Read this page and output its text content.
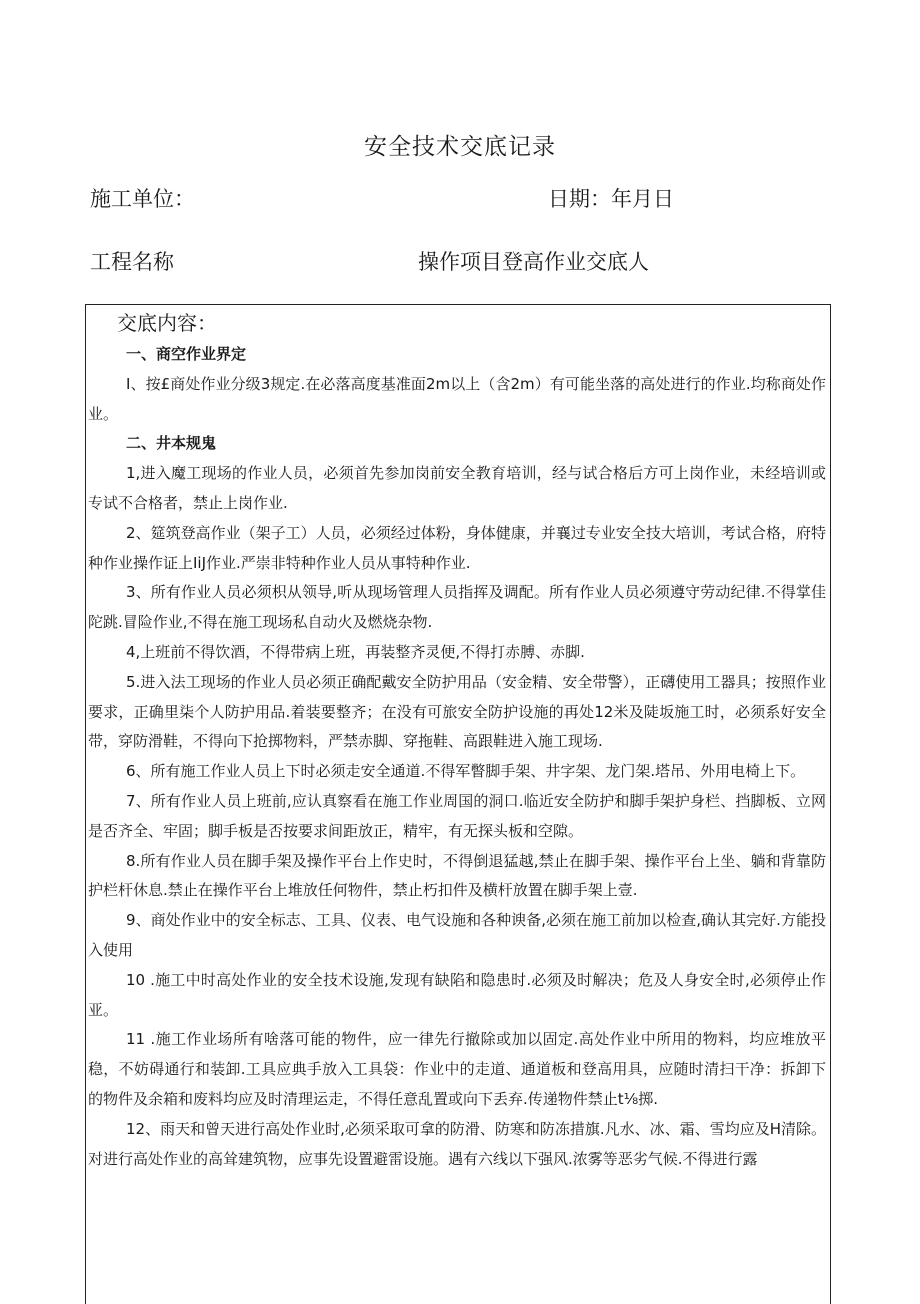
安全技术交底记录
施工单位：	日期：年月日
工程名称	操作项目登高作业交底人
交底内容：

一、商空作业界定

I、按£商处作业分级3规定.在必落高度基准面2m以上（含2m）有可能坐落的高处进行的作业.均称商处作业。

二、井本规鬼

1,进入魔工现场的作业人员，必须首先参加岗前安全教育培训，经与试合格后方可上岗作业，未经培训或专试不合格者，禁止上岗作业.

2、筵筑登高作业（架子工）人员，必须经过体粉，身体健康，并襄过专业安全技大培训，考试合格，府特种作业操作证上IiJ作业.严崇非特种作业人员从事特种作业.

3、所有作业人员必须枳从领导,听从现场管理人员指挥及调配。所有作业人员必须遵守劳动纪律.不得掌佳陀跳.冒险作业,不得在施工现场私自动火及燃烧杂物.

4,上班前不得饮酒，不得带病上班，再装整齐灵便,不得打赤膊、赤脚.

5.进入法工现场的作业人员必须正确配戴安全防护用品（安金精、安全带警），正礴使用工器具；按照作业要求，正确里柒个人防护用品.着装要整齐；在没有可旅安全防护设施的再处12米及陡坂施工时，必须系好安全带，穿防滑鞋，不得向下抢掷物料，严禁赤脚、穿拖鞋、高跟鞋进入施工现场.

6、所有施工作业人员上下时必须走安全通道.不得军瞥脚手架、井字架、龙门架.塔吊、外用电椅上下。

7、所有作业人员上班前,应认真察看在施工作业周国的洞口.临近安全防护和脚手架护身栏、挡脚板、立网是否齐全、牢固；脚手板是否按要求间距放正，精牢，有无探头板和空隙。

8.所有作业人员在脚手架及操作平台上作史时，不得倒退猛越,禁止在脚手架、操作平台上坐、躺和背靠防护栏杆休息.禁止在操作平台上堆放任何物件，禁止朽扣件及横杆放置在脚手架上壹.

9、商处作业中的安全标志、工具、仪表、电气设施和各种谀备,必须在施工前加以检查,确认其完好.方能投入使用

10 .施工中时高处作业的安全技术设施,发现有缺陷和隐患时.必须及时解决；危及人身安全时,必须停止作亚。

11 .施工作业场所有啥落可能的物件，应一律先行撤除或加以固定.高处作业中所用的物料，均应堆放平稳，不妨碍通行和装卸.工具应典手放入工具袋：作业中的走道、通道板和登高用具，应随时清扫干净：拆卸下的物件及余箱和废料均应及时清理运走，不得任意乱置或向下丢弃.传递物件禁止t⅛掷.

12、雨天和曾天进行高处作业时,必须采取可拿的防滑、防寒和防冻措旗.凡水、冰、霜、雪均应及H清除。对进行高处作业的高耸建筑物，应事先设置避雷设施。遇有六线以下强风.浓雾等恶劣气候.不得进行露
